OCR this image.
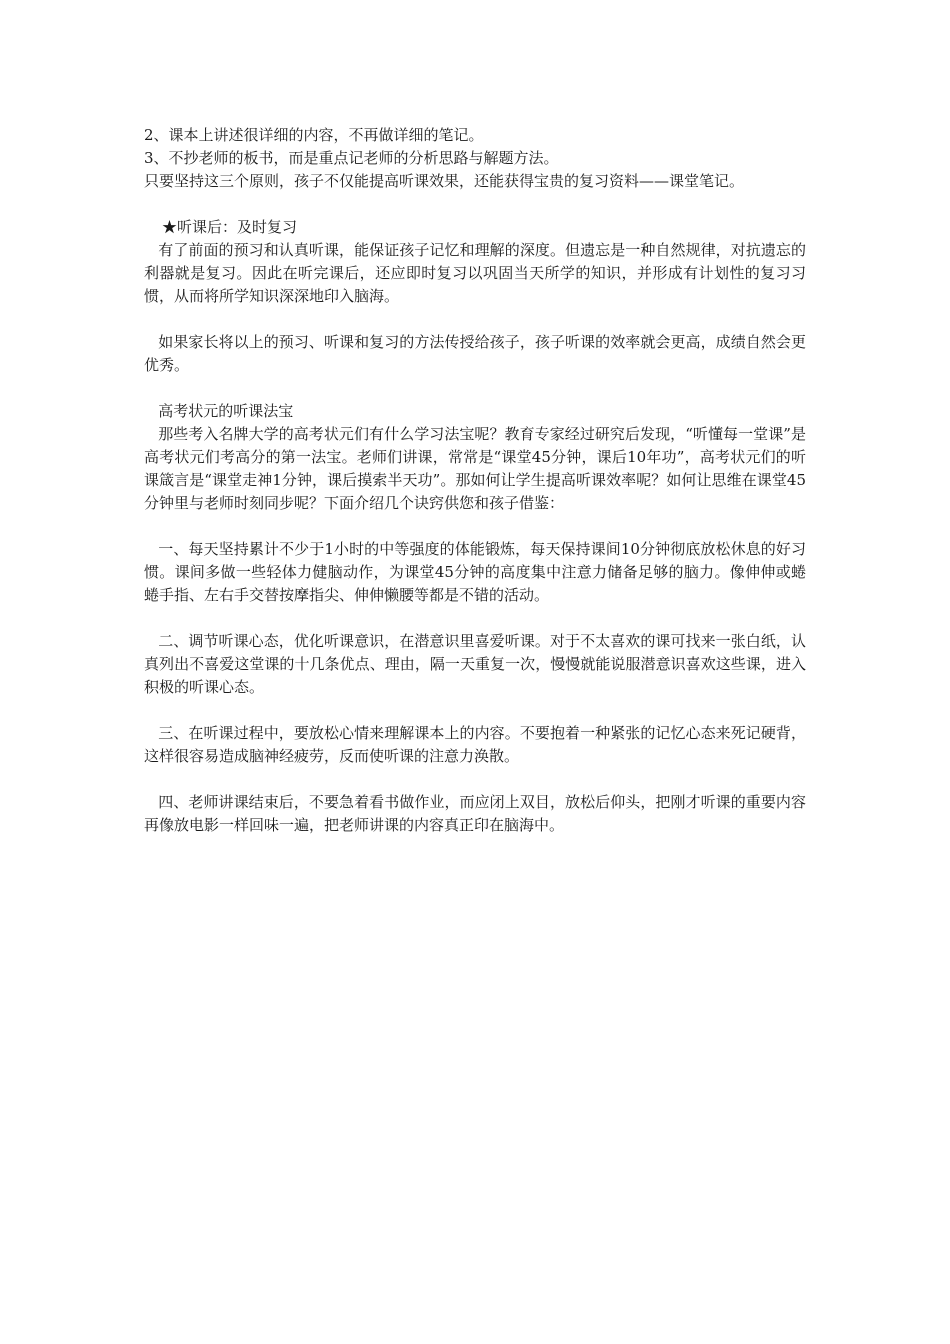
2、课本上讲述很详细的内容，不再做详细的笔记。

3、不抄老师的板书，而是重点记老师的分析思路与解题方法。

只要坚持这三个原则，孩子不仅能提高听课效果，还能获得宝贵的复习资料——课堂笔记。

★听课后：及时复习

有了前面的预习和认真听课，能保证孩子记忆和理解的深度。但遗忘是一种自然规律，对抗遗忘的利器就是复习。因此在听完课后，还应即时复习以巩固当天所学的知识，并形成有计划性的复习习惯，从而将所学知识深深地印入脑海。

如果家长将以上的预习、听课和复习的方法传授给孩子，孩子听课的效率就会更高，成绩自然会更优秀。

高考状元的听课法宝

那些考入名牌大学的高考状元们有什么学习法宝呢？教育专家经过研究后发现，“听懂每一堂课”是高考状元们考高分的第一法宝。老师们讲课，常常是“课堂45分钟，课后10年功”，高考状元们的听课箴言是“课堂走神1分钟，课后摸索半天功”。那如何让学生提高听课效率呢？如何让思维在课堂45分钟里与老师时刻同步呢？下面介绍几个诀窍供您和孩子借鉴：

一、每天坚持累计不少于1小时的中等强度的体能锻炼，每天保持课间10分钟彻底放松休息的好习惯。课间多做一些轻体力健脑动作，为课堂45分钟的高度集中注意力储备足够的脑力。像伸伸或蜷蜷手指、左右手交替按摩指尖、伸伸懒腰等都是不错的活动。

二、调节听课心态，优化听课意识，在潜意识里喜爱听课。对于不太喜欢的课可找来一张白纸，认真列出不喜爱这堂课的十几条优点、理由，隔一天重复一次，慢慢就能说服潜意识喜欢这些课，进入积极的听课心态。

三、在听课过程中，要放松心情来理解课本上的内容。不要抱着一种紧张的记忆心态来死记硬背，这样很容易造成脑神经疲劳，反而使听课的注意力涣散。

四、老师讲课结束后，不要急着看书做作业，而应闭上双目，放松后仰头，把刚才听课的重要内容再像放电影一样回味一遍，把老师讲课的内容真正印在脑海中。
